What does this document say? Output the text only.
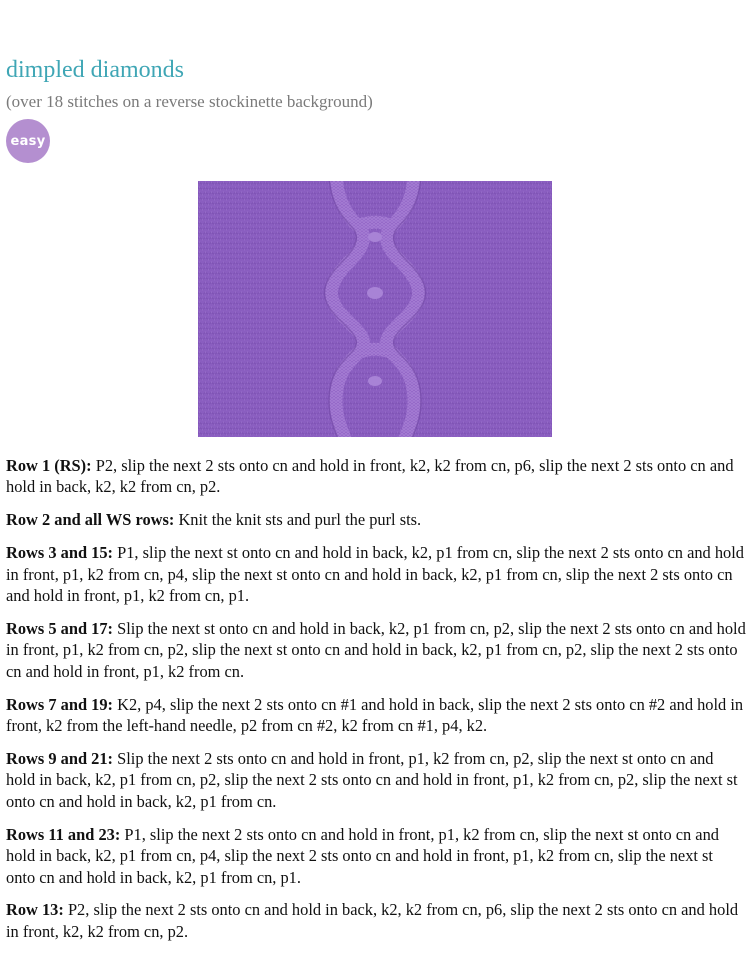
dimpled diamonds
(over 18 stitches on a reverse stockinette background)
easy

Row 1 (RS): P2, slip the next 2 sts onto cn and hold in front, k2, k2 from cn, p6, slip the next 2 sts onto cn and hold in back, k2, k2 from cn, p2.

Row 2 and all WS rows: Knit the knit sts and purl the purl sts.

Rows 3 and 15: P1, slip the next st onto cn and hold in back, k2, p1 from cn, slip the next 2 sts onto cn and hold in front, p1, k2 from cn, p4, slip the next st onto cn and hold in back, k2, p1 from cn, slip the next 2 sts onto cn and hold in front, p1, k2 from cn, p1.

Rows 5 and 17: Slip the next st onto cn and hold in back, k2, p1 from cn, p2, slip the next 2 sts onto cn and hold in front, p1, k2 from cn, p2, slip the next st onto cn and hold in back, k2, p1 from cn, p2, slip the next 2 sts onto cn and hold in front, p1, k2 from cn.

Rows 7 and 19: K2, p4, slip the next 2 sts onto cn #1 and hold in back, slip the next 2 sts onto cn #2 and hold in front, k2 from the left-hand needle, p2 from cn #2, k2 from cn #1, p4, k2.

Rows 9 and 21: Slip the next 2 sts onto cn and hold in front, p1, k2 from cn, p2, slip the next st onto cn and hold in back, k2, p1 from cn, p2, slip the next 2 sts onto cn and hold in front, p1, k2 from cn, p2, slip the next st onto cn and hold in back, k2, p1 from cn.

Rows 11 and 23: P1, slip the next 2 sts onto cn and hold in front, p1, k2 from cn, slip the next st onto cn and hold in back, k2, p1 from cn, p4, slip the next 2 sts onto cn and hold in front, p1, k2 from cn, slip the next st onto cn and hold in back, k2, p1 from cn, p1.

Row 13: P2, slip the next 2 sts onto cn and hold in back, k2, k2 from cn, p6, slip the next 2 sts onto cn and hold in front, k2, k2 from cn, p2.
